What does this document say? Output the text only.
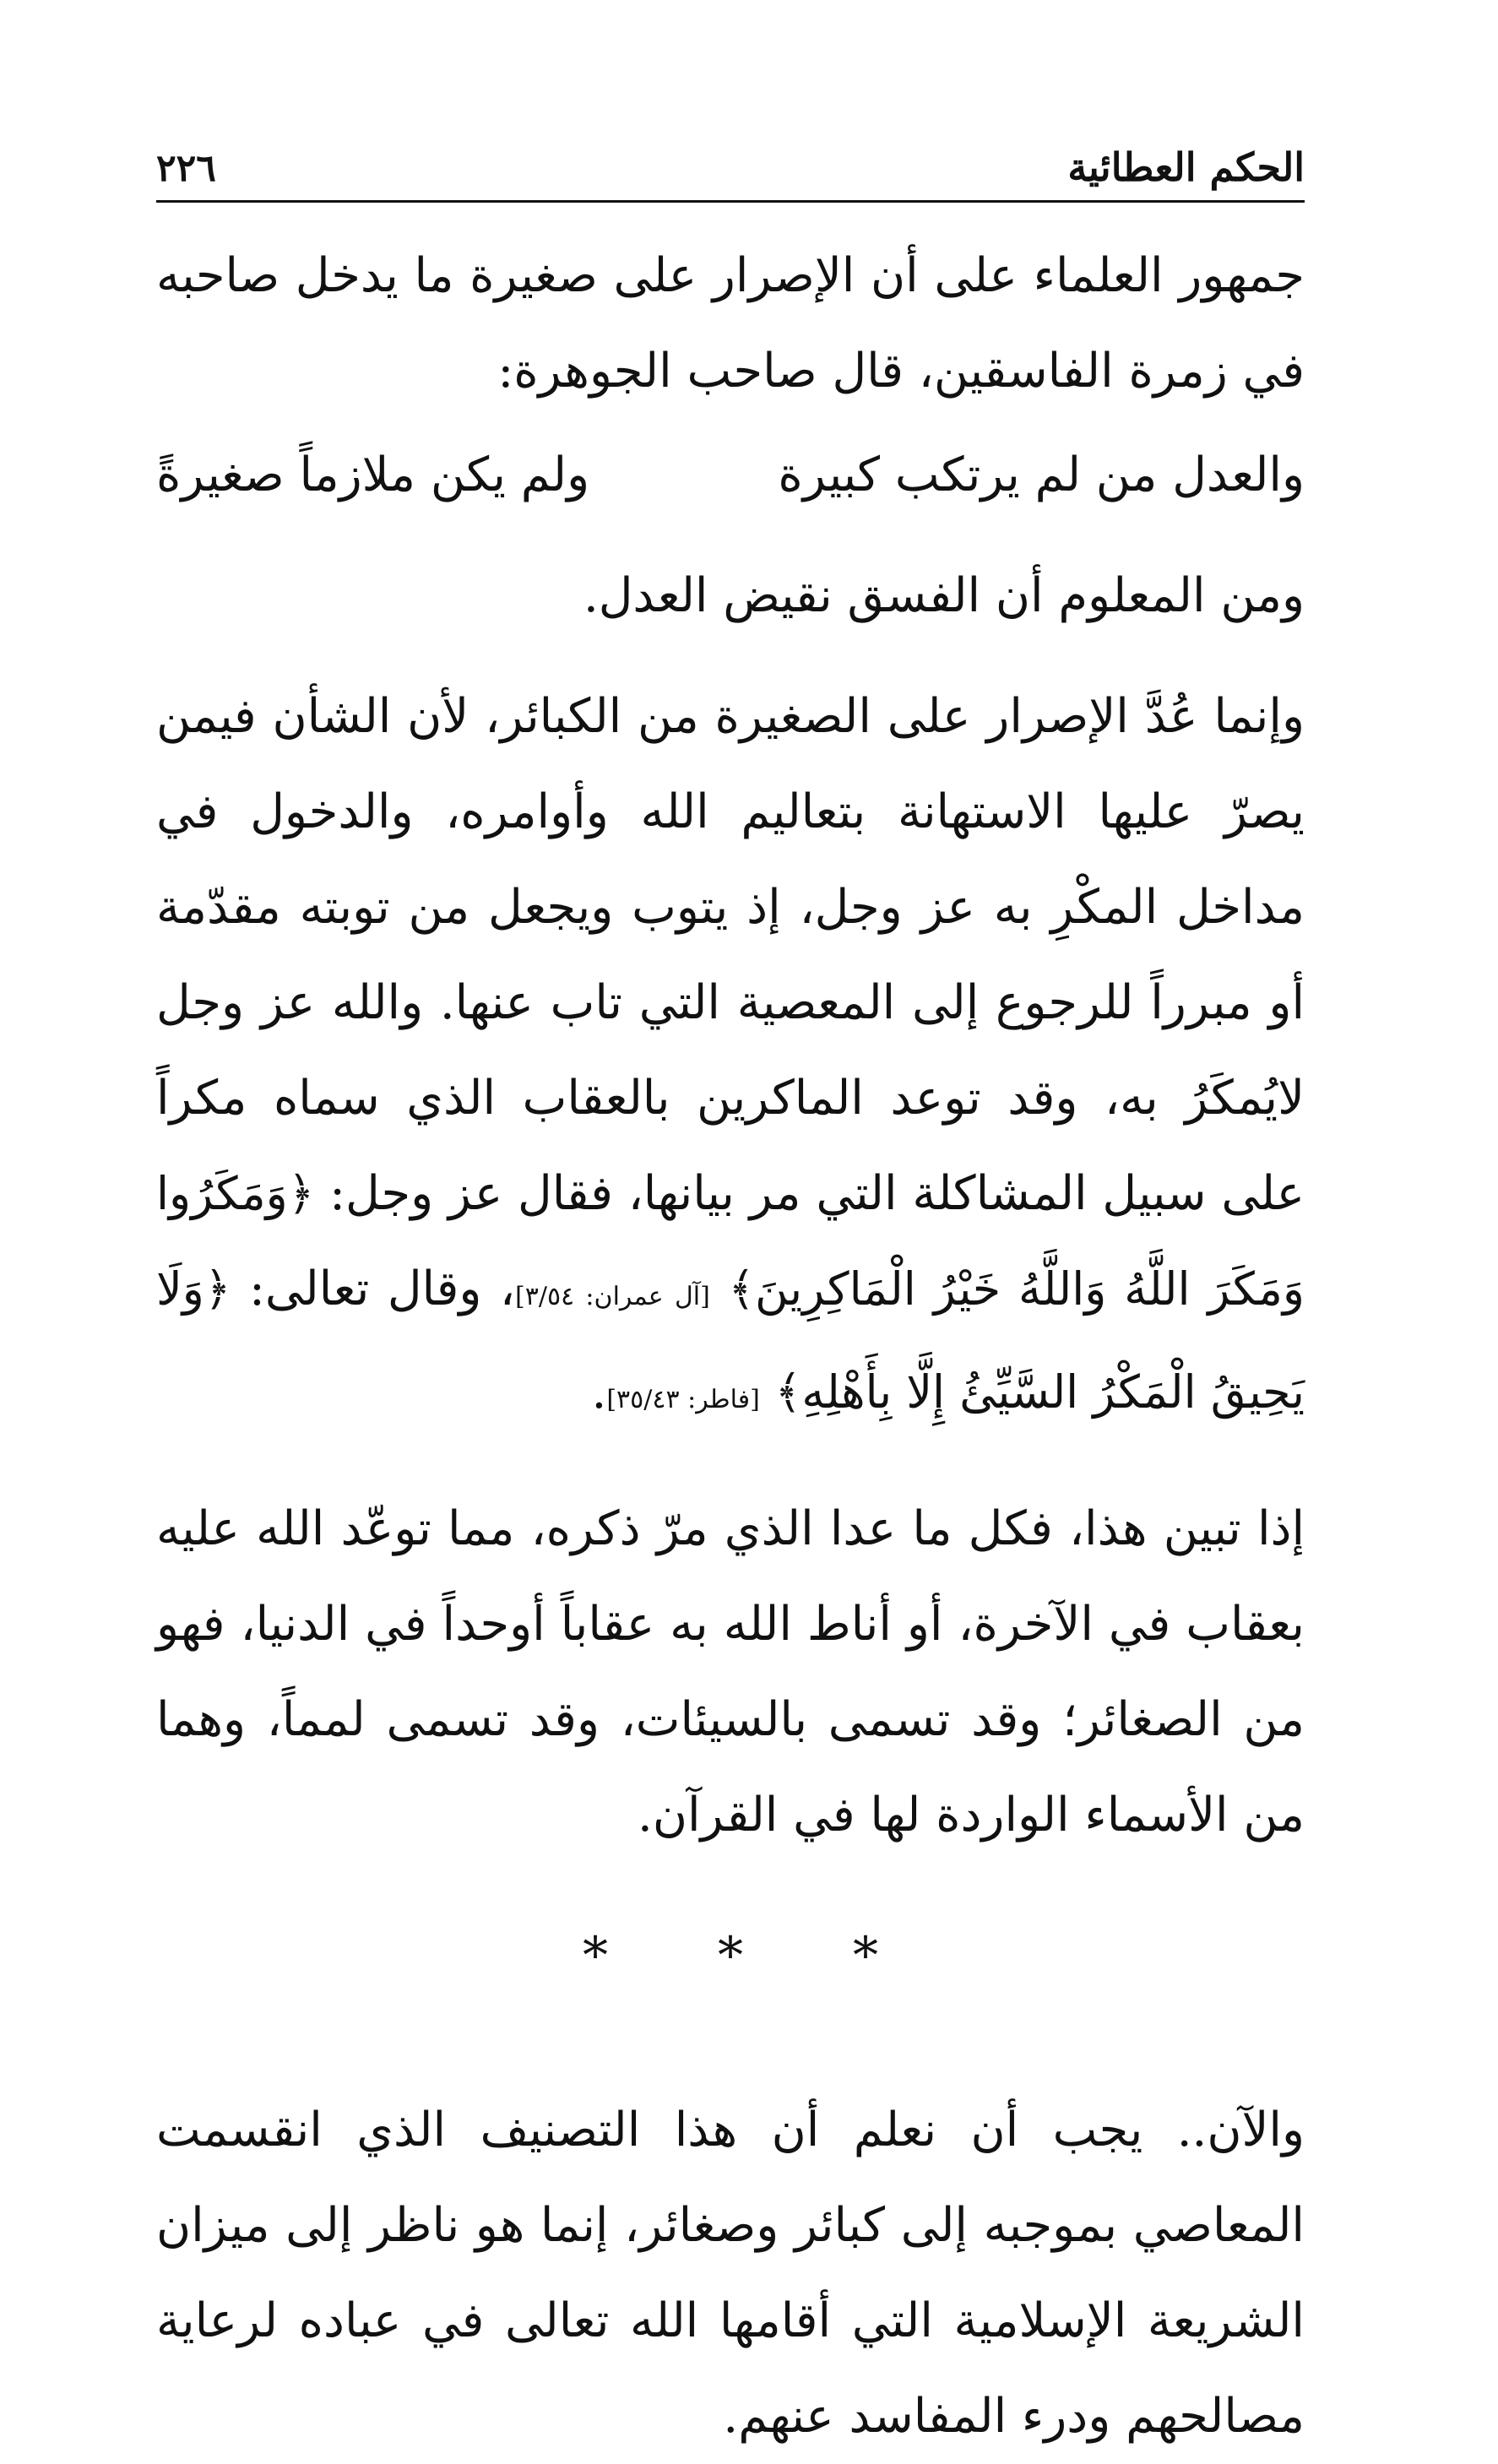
الحكم العطائية
٢٢٦

جمهور العلماء على أن الإصرار على صغيرة ما يدخل صاحبه في زمرة الفاسقين، قال صاحب الجوهرة:

والعدل من لم يرتكب كبيرة
ولم يكن ملازماً صغيرةً

ومن المعلوم أن الفسق نقيض العدل.

وإنما عُدَّ الإصرار على الصغيرة من الكبائر، لأن الشأن فيمن يصرّ عليها الاستهانة بتعاليم الله وأوامره، والدخول في مداخل المكْرِ به عز وجل، إذ يتوب ويجعل من توبته مقدّمة أو مبرراً للرجوع إلى المعصية التي تاب عنها. والله عز وجل لايُمكَرُ به، وقد توعد الماكرين بالعقاب الذي سماه مكراً على سبيل المشاكلة التي مر بيانها، فقال عز وجل: ﴿وَمَكَرُوا وَمَكَرَ اللَّهُ وَاللَّهُ خَيْرُ الْمَاكِرِينَ﴾ [آل عمران: ٣/٥٤]، وقال تعالى: ﴿وَلَا يَحِيقُ الْمَكْرُ السَّيِّئُ إِلَّا بِأَهْلِهِ﴾ [فاطر: ٣٥/٤٣].

إذا تبين هذا، فكل ما عدا الذي مرّ ذكره، مما توعّد الله عليه بعقاب في الآخرة، أو أناط الله به عقاباً أوحداً في الدنيا، فهو من الصغائر؛ وقد تسمى بالسيئات، وقد تسمى لمماً، وهما من الأسماء الواردة لها في القرآن.

*
*
*

والآن.. يجب أن نعلم أن هذا التصنيف الذي انقسمت المعاصي بموجبه إلى كبائر وصغائر، إنما هو ناظر إلى ميزان الشريعة الإسلامية التي أقامها الله تعالى في عباده لرعاية مصالحهم ودرء المفاسد عنهم.
